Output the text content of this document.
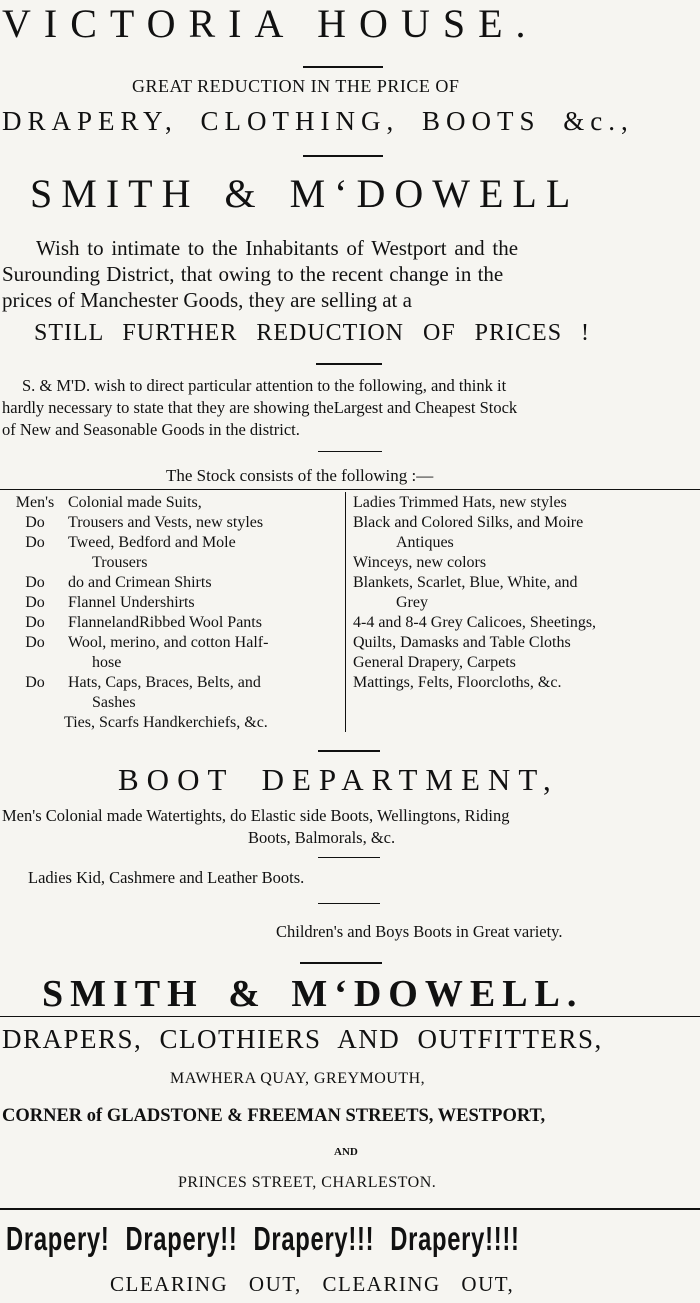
VICTORIA HOUSE.
GREAT REDUCTION IN THE PRICE OF
DRAPERY, CLOTHING, BOOTS &c.,
SMITH & M‘DOWELL
Wish to intimate to the Inhabitants of Westport and the
Surounding District, that owing to the recent change in the
prices of Manchester Goods, they are selling at a
STILL FURTHER REDUCTION OF PRICES !
S. & M'D. wish to direct particular attention to the following, and think it
hardly necessary to state that they are showing theLargest and Cheapest Stock
of New and Seasonable Goods in the district.
The Stock consists of the following :—
Men's Colonial made Suits,
Do Trousers and Vests, new styles
Do Tweed, Bedford and Mole
Trousers
Do do and Crimean Shirts
Do Flannel Undershirts
Do FlannelandRibbed Wool Pants
Do Wool, merino, and cotton Half-
hose
Do Hats, Caps, Braces, Belts, and
Sashes
Ties, Scarfs Handkerchiefs, &c.
Ladies Trimmed Hats, new styles
Black and Colored Silks, and Moire
Antiques
Winceys, new colors
Blankets, Scarlet, Blue, White, and
Grey
4-4 and 8-4 Grey Calicoes, Sheetings,
Quilts, Damasks and Table Cloths
General Drapery, Carpets
Mattings, Felts, Floorcloths, &c.
BOOT DEPARTMENT,
Men's Colonial made Watertights, do Elastic side Boots, Wellingtons, Riding
Boots, Balmorals, &c.
Ladies Kid, Cashmere and Leather Boots.
Children's and Boys Boots in Great variety.
SMITH & M‘DOWELL.
DRAPERS, CLOTHIERS AND OUTFITTERS,
MAWHERA QUAY, GREYMOUTH,
CORNER of GLADSTONE & FREEMAN STREETS, WESTPORT,
AND
PRINCES STREET, CHARLESTON.
Drapery! Drapery!! Drapery!!! Drapery!!!!
CLEARING OUT, CLEARING OUT,
